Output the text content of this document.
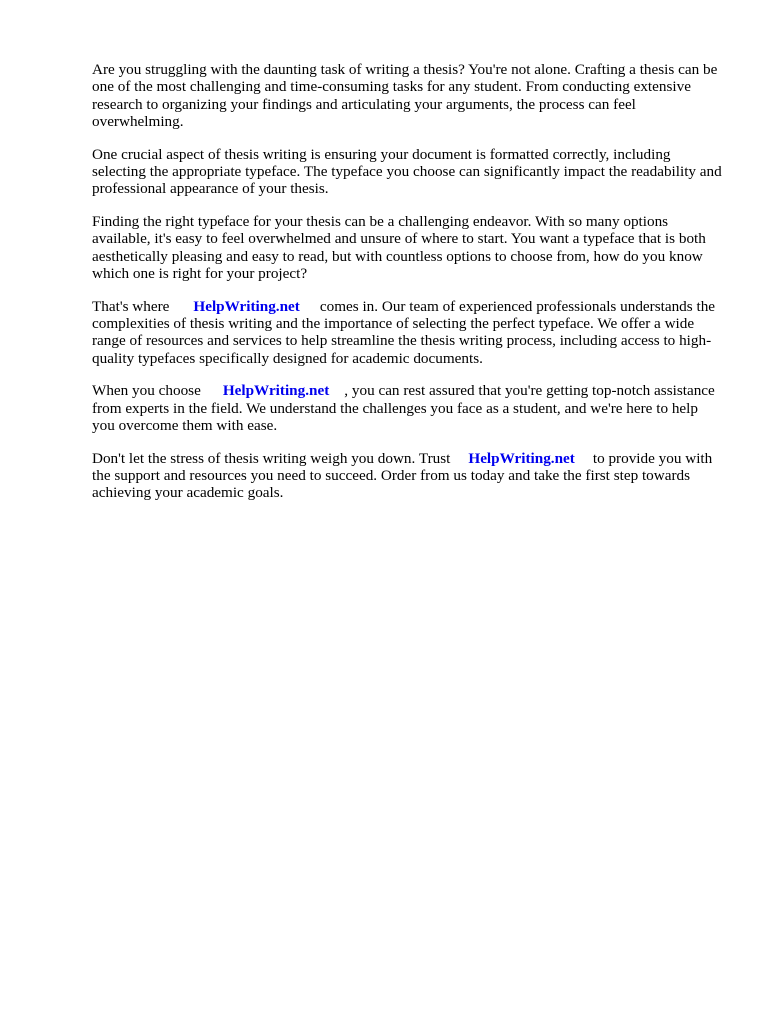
Are you struggling with the daunting task of writing a thesis? You're not alone. Crafting a thesis can be one of the most challenging and time-consuming tasks for any student. From conducting extensive research to organizing your findings and articulating your arguments, the process can feel overwhelming.

One crucial aspect of thesis writing is ensuring your document is formatted correctly, including selecting the appropriate typeface. The typeface you choose can significantly impact the readability and professional appearance of your thesis.

Finding the right typeface for your thesis can be a challenging endeavor. With so many options available, it's easy to feel overwhelmed and unsure of where to start. You want a typeface that is both aesthetically pleasing and easy to read, but with countless options to choose from, how do you know which one is right for your project?

That's where HelpWriting.net comes in. Our team of experienced professionals understands the complexities of thesis writing and the importance of selecting the perfect typeface. We offer a wide range of resources and services to help streamline the thesis writing process, including access to high-quality typefaces specifically designed for academic documents.

When you choose HelpWriting.net , you can rest assured that you're getting top-notch assistance from experts in the field. We understand the challenges you face as a student, and we're here to help you overcome them with ease.

Don't let the stress of thesis writing weigh you down. Trust HelpWriting.net to provide you with the support and resources you need to succeed. Order from us today and take the first step towards achieving your academic goals.
